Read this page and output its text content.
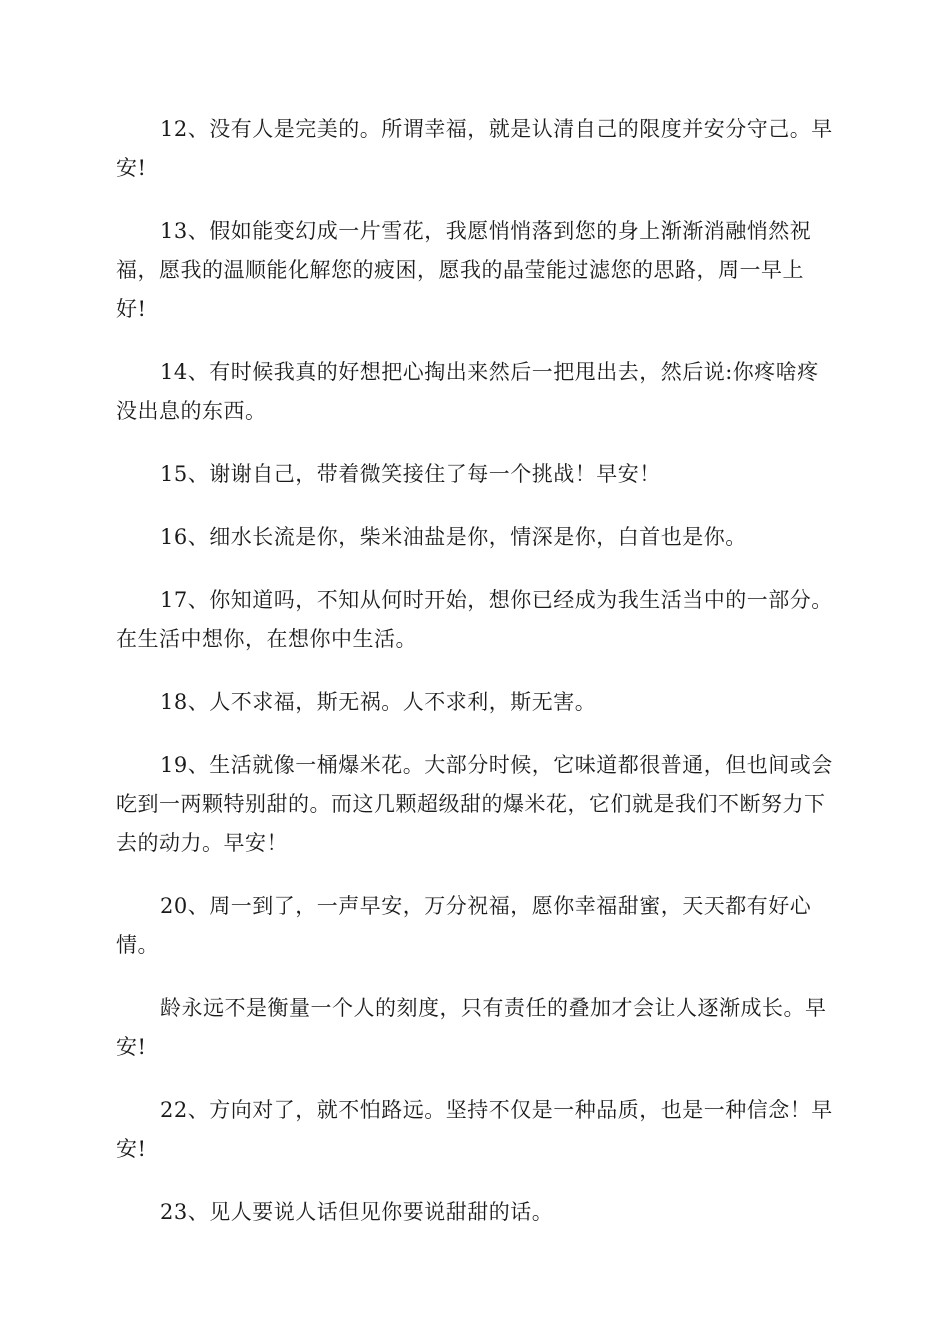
12、没有人是完美的。所谓幸福，就是认清自己的限度并安分守己。早安!

13、假如能变幻成一片雪花，我愿悄悄落到您的身上渐渐消融悄然祝福，愿我的温顺能化解您的疲困，愿我的晶莹能过滤您的思路，周一早上好!

14、有时候我真的好想把心掏出来然后一把甩出去，然后说:你疼啥疼没出息的东西。

15、谢谢自己，带着微笑接住了每一个挑战！早安！

16、细水长流是你，柴米油盐是你，情深是你，白首也是你。

17、你知道吗，不知从何时开始，想你已经成为我生活当中的一部分。在生活中想你，在想你中生活。

18、人不求福，斯无祸。人不求利，斯无害。

19、生活就像一桶爆米花。大部分时候，它味道都很普通，但也间或会吃到一两颗特别甜的。而这几颗超级甜的爆米花，它们就是我们不断努力下去的动力。早安！

20、周一到了，一声早安，万分祝福，愿你幸福甜蜜，天天都有好心情。

龄永远不是衡量一个人的刻度，只有责任的叠加才会让人逐渐成长。早安!

22、方向对了，就不怕路远。坚持不仅是一种品质，也是一种信念！早安!

23、见人要说人话但见你要说甜甜的话。
